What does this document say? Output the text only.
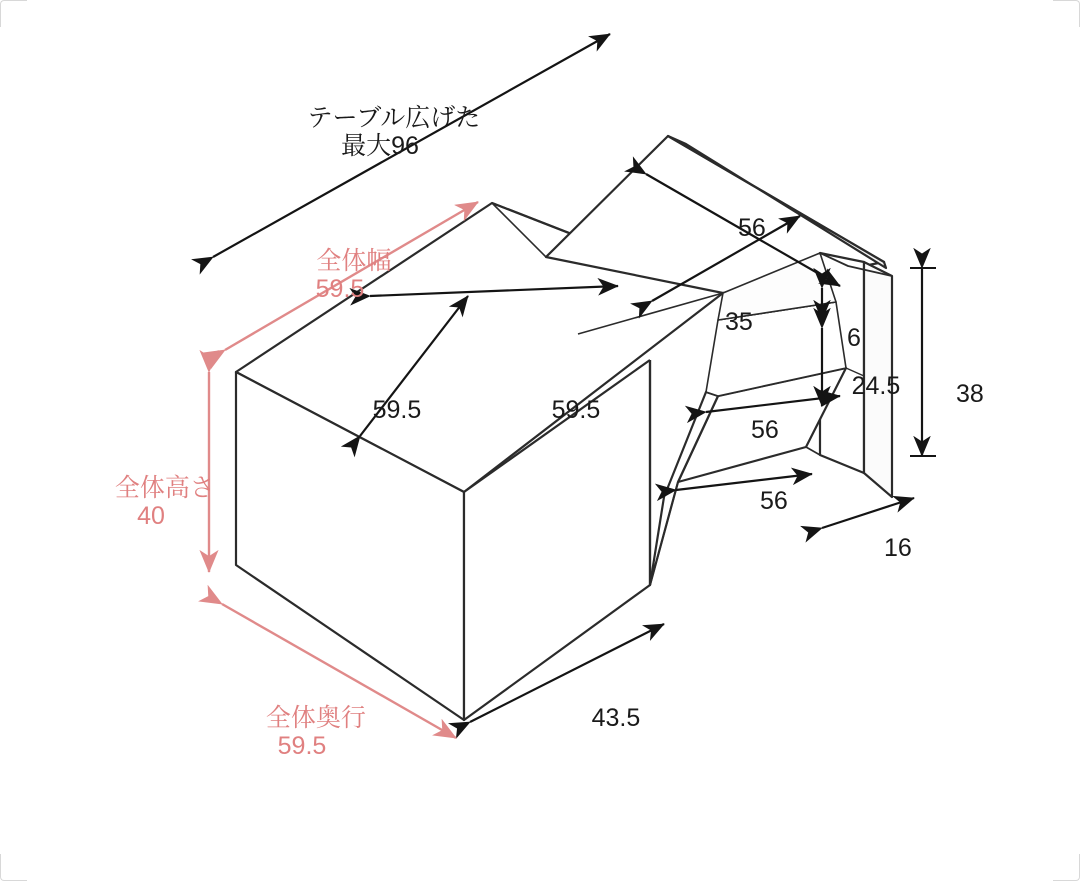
テーブル広げた
最大96

全体幅
59.5

56

35

6

24.5
	38

59.5
	59.5

56

全体高さ
40

56

16

43.5

全体奥行
59.5
